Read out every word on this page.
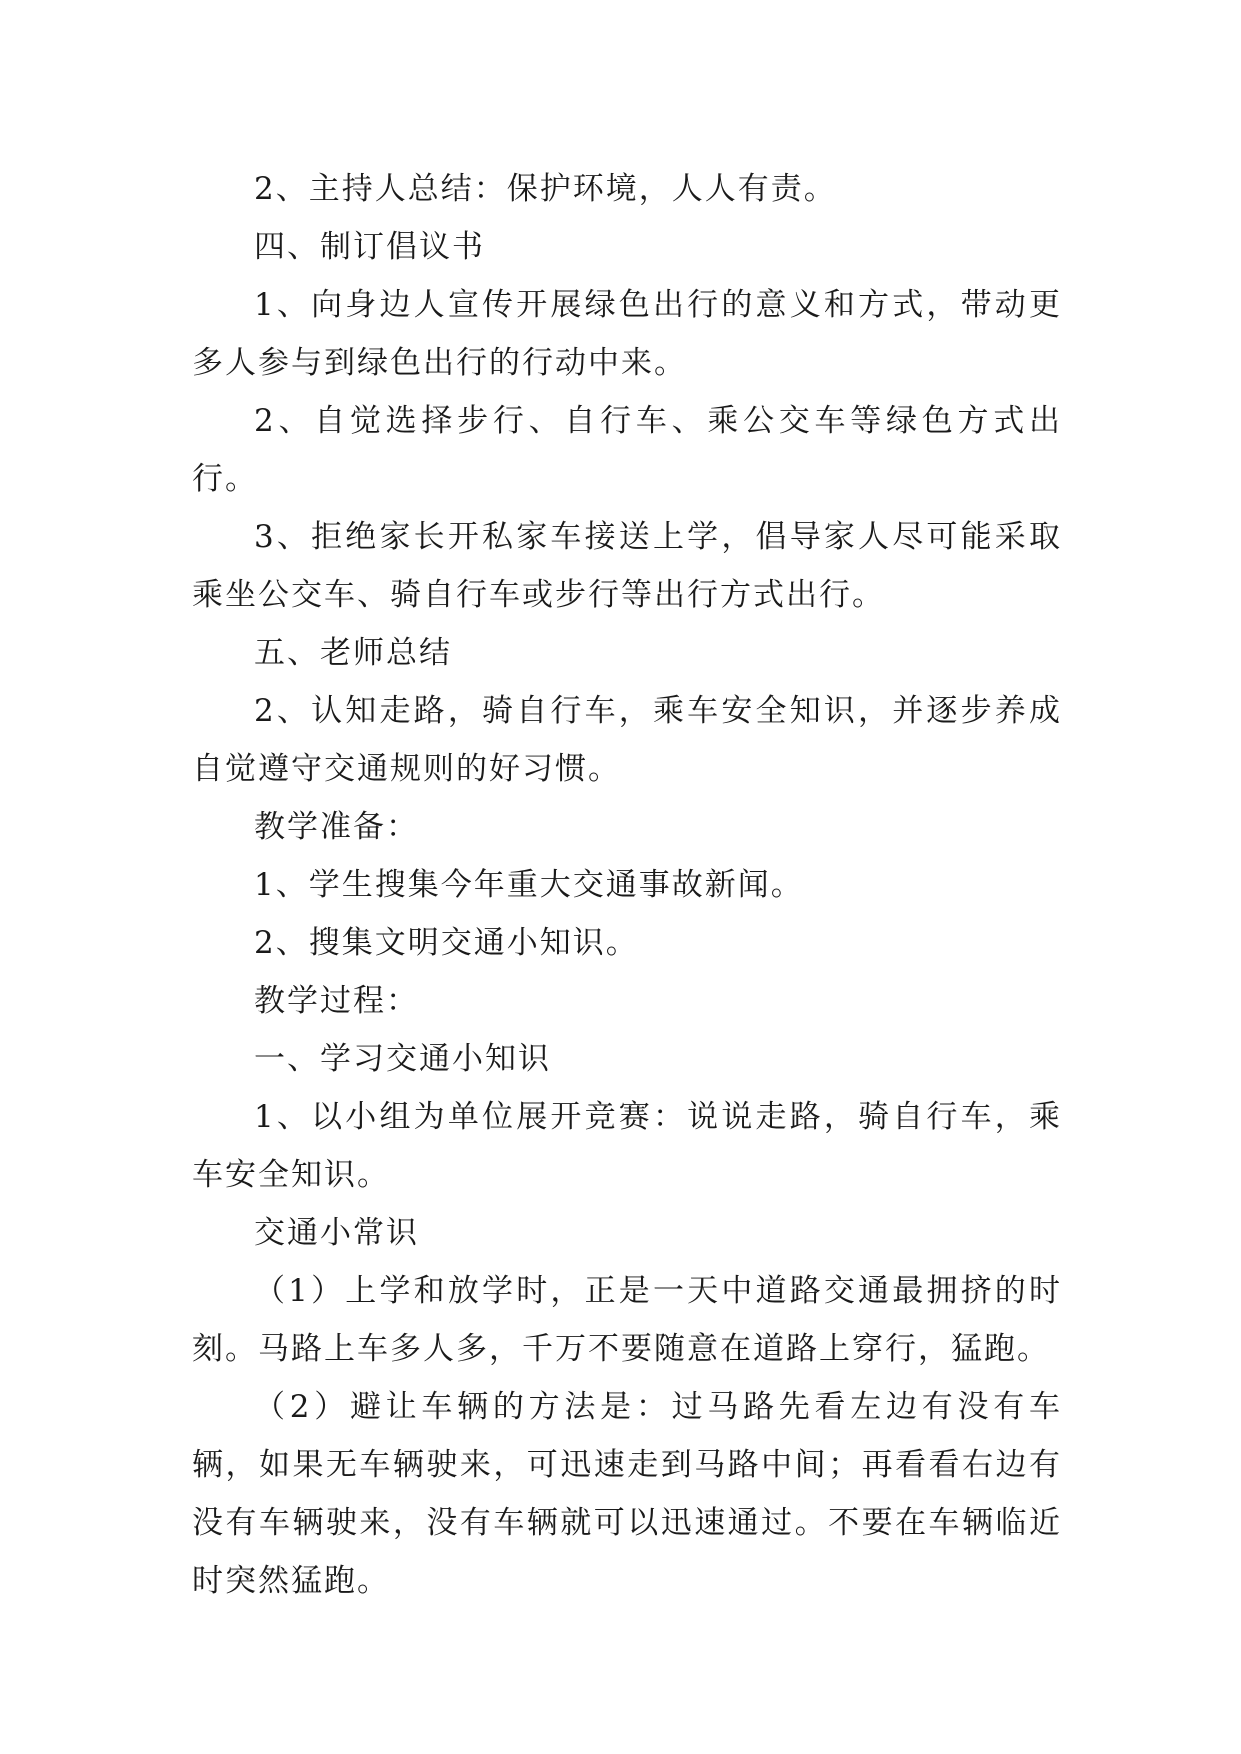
2、主持人总结：保护环境，人人有责。

四、制订倡议书

1、向身边人宣传开展绿色出行的意义和方式，带动更多人参与到绿色出行的行动中来。

2、自觉选择步行、自行车、乘公交车等绿色方式出行。

3、拒绝家长开私家车接送上学，倡导家人尽可能采取乘坐公交车、骑自行车或步行等出行方式出行。

五、老师总结

2、认知走路，骑自行车，乘车安全知识，并逐步养成自觉遵守交通规则的好习惯。

教学准备：

1、学生搜集今年重大交通事故新闻。

2、搜集文明交通小知识。

教学过程：

一、学习交通小知识

1、以小组为单位展开竞赛：说说走路，骑自行车，乘车安全知识。

交通小常识

（1）上学和放学时，正是一天中道路交通最拥挤的时刻。马路上车多人多，千万不要随意在道路上穿行，猛跑。

（2）避让车辆的方法是：过马路先看左边有没有车辆，如果无车辆驶来，可迅速走到马路中间；再看看右边有没有车辆驶来，没有车辆就可以迅速通过。不要在车辆临近时突然猛跑。
